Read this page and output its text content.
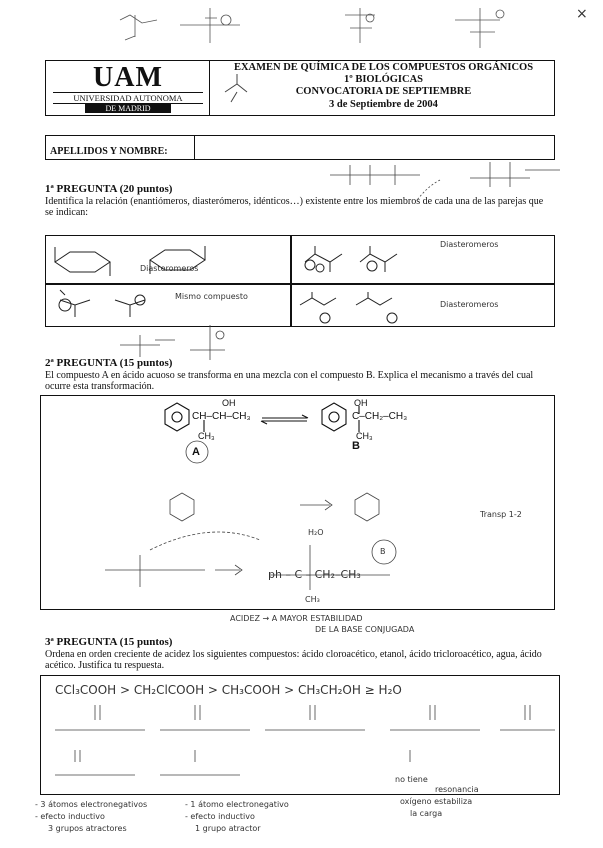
×
UAM
UNIVERSIDAD AUTONOMA
DE MADRID
EXAMEN DE QUÍMICA DE LOS COMPUESTOS ORGÁNICOS
1º BIOLÓGICAS
CONVOCATORIA DE SEPTIEMBRE
3 de Septiembre de 2004
APELLIDOS Y NOMBRE:
1ª PREGUNTA (20 puntos)
Identifica la relación (enantiómeros, diasterómeros, idénticos…) existente entre los miembros de cada una de las parejas que se indican:
Diasteromeros
Diasteromeros
Mismo compuesto
Diasteromeros
2ª PREGUNTA (15 puntos)
El compuesto A en ácido acuoso se transforma en una mezcla con el compuesto B. Explica el mecanismo a través del cual ocurre esta transformación.
CH–CH–CH₃
OH
CH₃
C–CH₂–CH₃
OH
CH₃
A	B
Transp 1-2
H₂O
ph – C – CH₂–CH₃
B
CH₃
ACIDEZ → A MAYOR ESTABILIDAD
DE LA BASE CONJUGADA
3ª PREGUNTA (15 puntos)
Ordena en orden creciente de acidez los siguientes compuestos: ácido cloroacético, etanol, ácido tricloroacético, agua, ácido acético. Justifica tu respuesta.
CCl₃COOH > CH₂ClCOOH > CH₃COOH > CH₃CH₂OH ≥ H₂O
- 3 átomos electronegativos
- efecto inductivo
3 grupos atractores
- 1 átomo electronegativo
- efecto inductivo
1 grupo atractor
no tiene
resonancia
oxígeno estabiliza
la carga
